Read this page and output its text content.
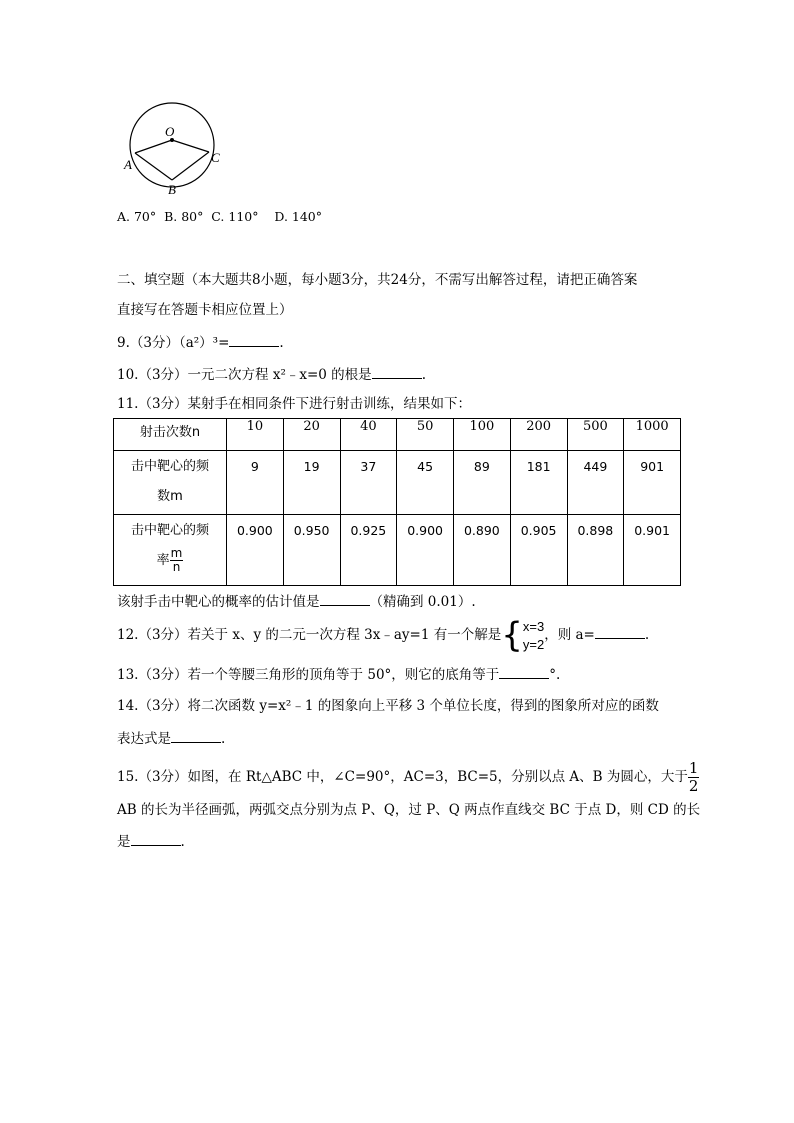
O
A
B
C
A. 70°  B. 80°  C. 110°    D. 140°
二、填空题（本大题共8小题，每小题3分，共24分，不需写出解答过程，请把正确答案
直接写在答题卡相应位置上）
9.（3分）（a²）³=	.
10.（3分）一元二次方程 x²﹣x=0 的根是	.
11.（3分）某射手在相同条件下进行射击训练，结果如下：
射击次数n	10	20	40	50	100	200	500	1000

击中靶心的频
数m	9	19	37	45	89	181	449	901

击中靶心的频
率 $\frac{m}{n}$	0.900	0.950	0.925	0.900	0.890	0.905	0.898	0.901
该射手击中靶心的概率的估计值是	（精确到 0.01）.
12.（3分）若关于 x、y 的二元一次方程 3x﹣ay=1 有一个解是{ x=3
y=2
，则 a=	.
13.（3分）若一个等腰三角形的顶角等于 50°，则它的底角等于	°.
14.（3分）将二次函数 y=x²﹣1 的图象向上平移 3 个单位长度，得到的图象所对应的函数
表达式是	.
15.（3分）如图，在 Rt△ABC 中，∠C=90°，AC=3，BC=5，分别以点 A、B 为圆心，大于 $\frac{1}{2}$
AB 的长为半径画弧，两弧交点分别为点 P、Q，过 P、Q 两点作直线交 BC 于点 D，则 CD 的长
是	.
